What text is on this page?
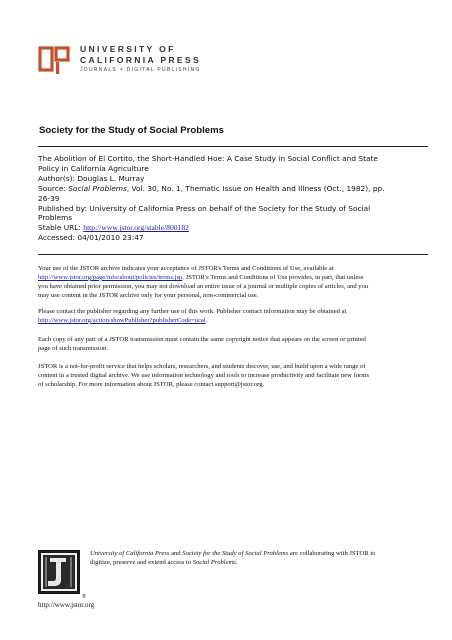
UNIVERSITY OF
CALIFORNIA PRESS
JOURNALS + DIGITAL PUBLISHING
Society for the Study of Social Problems
The Abolition of El Cortito, the Short-Handled Hoe: A Case Study in Social Conflict and State
Policy in California Agriculture
Author(s): Douglas L. Murray
Source: Social Problems, Vol. 30, No. 1, Thematic Issue on Health and Illness (Oct., 1982), pp.
26-39
Published by: University of California Press on behalf of the Society for the Study of Social
Problems
Stable URL: http://www.jstor.org/stable/800182
Accessed: 04/01/2010 23:47

Your use of the JSTOR archive indicates your acceptance of JSTOR's Terms and Conditions of Use, available at

http://www.jstor.org/page/info/about/policies/terms.jsp. JSTOR's Terms and Conditions of Use provides, in part, that unless

you have obtained prior permission, you may not download an entire issue of a journal or multiple copies of articles, and you

may use content in the JSTOR archive only for your personal, non-commercial use.

Please contact the publisher regarding any further use of this work. Publisher contact information may be obtained at

http://www.jstor.org/action/showPublisher?publisherCode=ucal.

Each copy of any part of a JSTOR transmission must contain the same copyright notice that appears on the screen or printed

page of such transmission.

JSTOR is a not-for-profit service that helps scholars, researchers, and students discover, use, and build upon a wide range of

content in a trusted digital archive. We use information technology and tools to increase productivity and facilitate new forms

of scholarship. For more information about JSTOR, please contact support@jstor.org.

®
http://www.jstor.org
University of California Press and Society for the Study of Social Problems are collaborating with JSTOR to
digitize, preserve and extend access to Social Problems.
